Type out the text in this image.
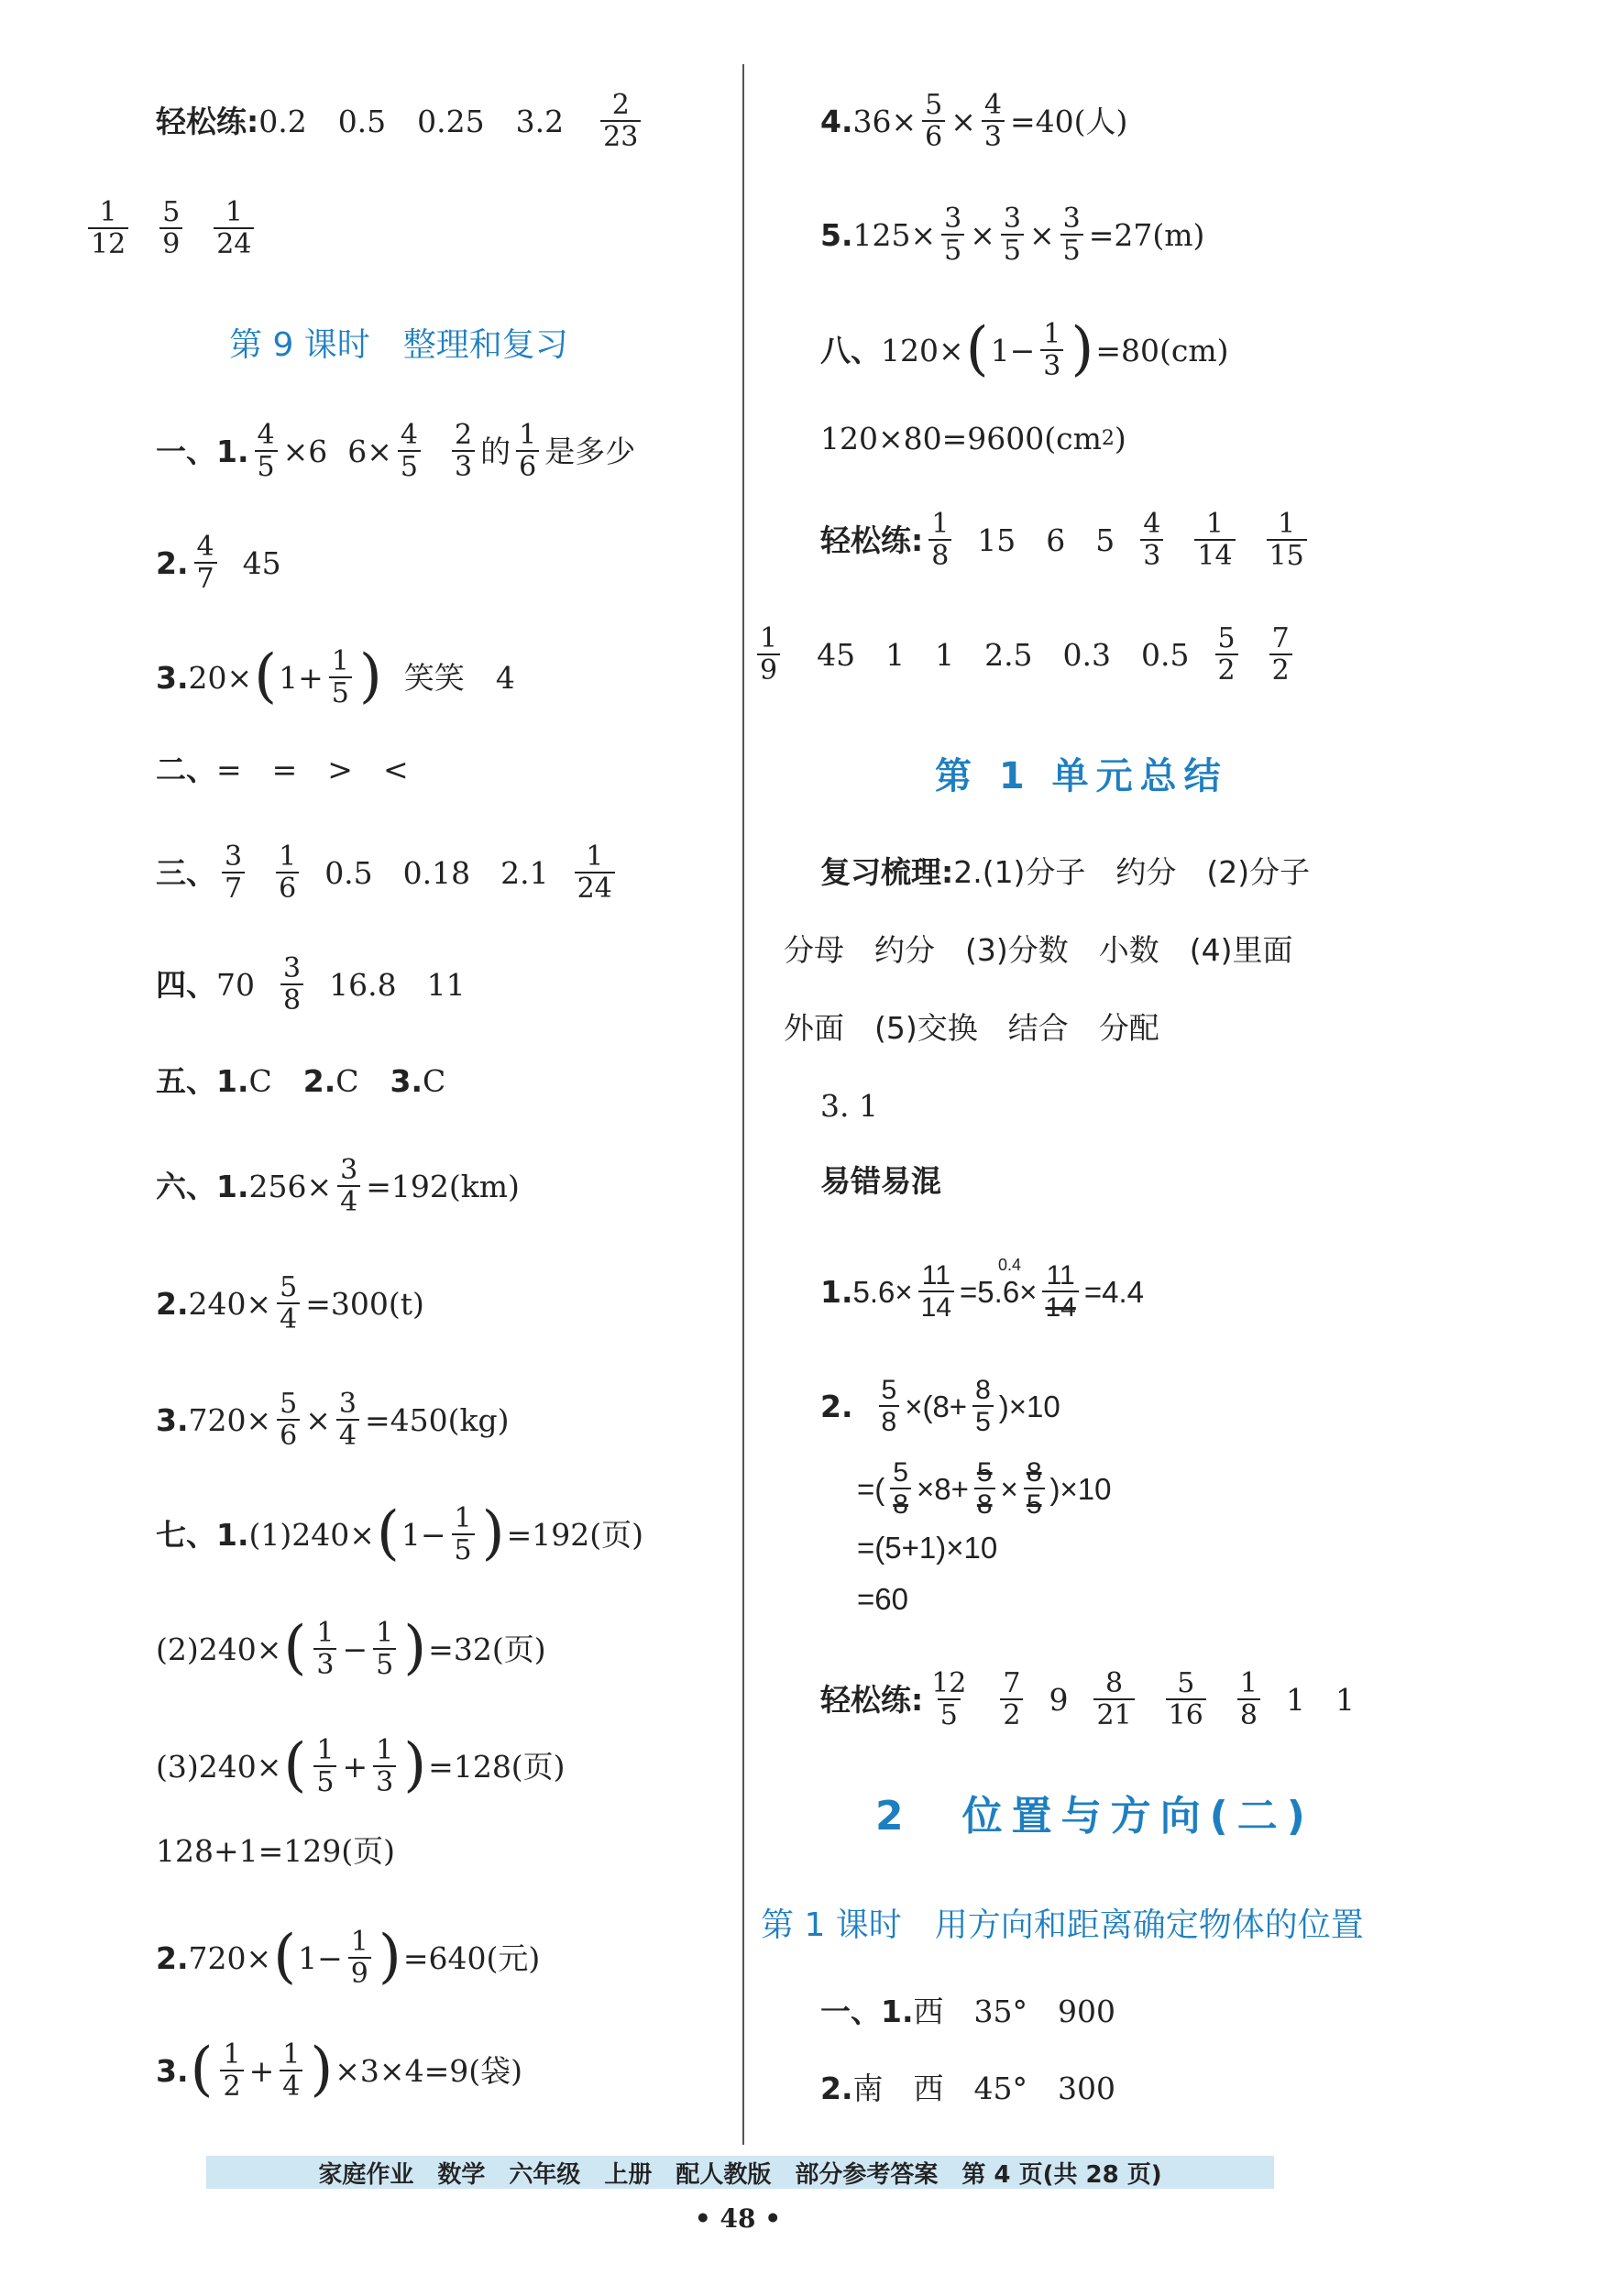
轻松练: 0.2 0.5 0.25 $3.2 \frac{2}{23}$
$\frac{1}{12} \frac{5}{9} \frac{1}{24}$
第 9 课时　整理和复习
一、1. $\frac{4}{5} \times 6$ $6\times \frac{4}{5} \frac{2}{3}$ 的 $\frac{1}{6}$ 是多少
2. $\frac{4}{7} 45$
3. 20× ( $1+ \frac{1}{5}$ ) 笑笑 4
二、 =　=　>　<
三、 $\frac{3}{7} \frac{1}{6} 0.5$　0.18　$2.1 \frac{1}{24}$
四、 $70 \frac{3}{8} 16.8$　11
五、 1. C 2. C 3. C
六、1. $256\times \frac{3}{4} =192(km)$
2. $240\times \frac{5}{4} =300(t)$
3. $720\times \frac{5}{6} \times \frac{3}{4} =450(kg)$
七、1. (1)240× ( $1- \frac{1}{5}$ ) =192(页)
(2)240× ( $\frac{1}{3} - \frac{1}{5}$ ) =32(页)
(3)240× ( $\frac{1}{5} + \frac{1}{3}$ ) =128(页)
128+1=129(页)
2. 720× ( $1- \frac{1}{9}$ ) =640(元)
3. ( $\frac{1}{2} + \frac{1}{4}$ ) ×3×4=9(袋)
4. $36\times \frac{5}{6} \times \frac{4}{3} =40$(人)
5. $125\times \frac{3}{5} \times \frac{3}{5} \times \frac{3}{5} =27(m)$
八、 120× ( $1- \frac{1}{3}$ ) =80(cm)
120×80=9600(cm 2 )
轻松练: $\frac{1}{8} 15$　6　$5 \frac{4}{3} \frac{1}{14} \frac{1}{15}$
$\frac{1}{9} 45$　1　1　2.5　0.3　$0.5 \frac{5}{2} \frac{7}{2}$
第 1 单元总结
复习梳理: 2.(1)分子　约分　(2)分子
分母　约分　(3)分数　小数　(4)里面
外面　(5)交换　结合　分配
3. 1
易错易混
1. $5.6\times \frac{11}{14}$	0.4
$=5.6\times \frac{11}{14} =4.4$
2. $\frac{5}{8} \times(8+ \frac{8}{5} )\times 10$
=( $\frac{5}{8} \times 8+ \frac{5}{8} \times \frac{8}{5} )\times 10$
=(5+1)×10
=60
轻松练: $\frac{12}{5} \frac{7}{2} 9 \frac{8}{21} \frac{5}{16} \frac{1}{8} 1$　1
2　位置与方向(二)
第 1 课时　用方向和距离确定物体的位置
一、1. 西　35°　900
2. 南　西　45°　300
家庭作业　数学　六年级　上册　配人教版　部分参考答案　第 4 页(共 28 页)
• 48 •
